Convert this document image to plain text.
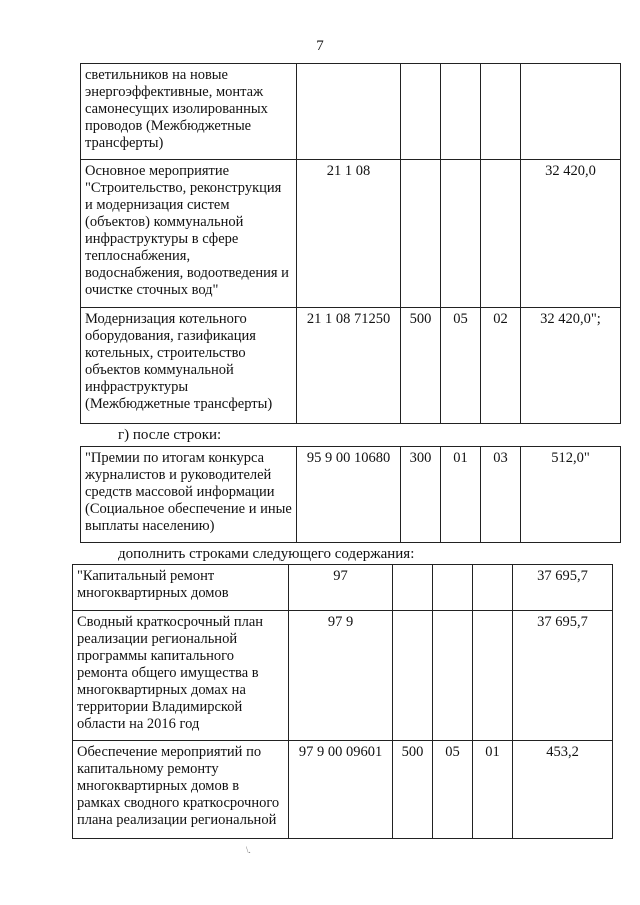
7
светильников на новые энергоэффективные, монтаж самонесущих изолированных проводов (Межбюджетные трансферты)					
Основное мероприятие "Строительство, реконструкция и модернизация систем (объектов) коммунальной инфраструктуры в сфере теплоснабжения, водоснабжения, водоотведения и очистке сточных вод"	21 1 08				32 420,0
Модернизация котельного оборудования, газификация котельных, строительство объектов коммунальной инфраструктуры (Межбюджетные трансферты)	21 1 08 71250	500	05	02	32 420,0";
г) после строки:
"Премии по итогам конкурса журналистов и руководителей средств массовой информации (Социальное обеспечение и иные выплаты населению)	95 9 00 10680	300	01	03	512,0"
дополнить строками следующего содержания:
"Капитальный ремонт многоквартирных домов	97				37 695,7
Сводный краткосрочный план реализации региональной программы капитального ремонта общего имущества в многоквартирных домах на территории Владимирской области на 2016 год	97 9				37 695,7
Обеспечение мероприятий по капитальному ремонту многоквартирных домов в рамках сводного краткосрочного плана реализации региональной	97 9 00 09601	500	05	01	453,2
\.
